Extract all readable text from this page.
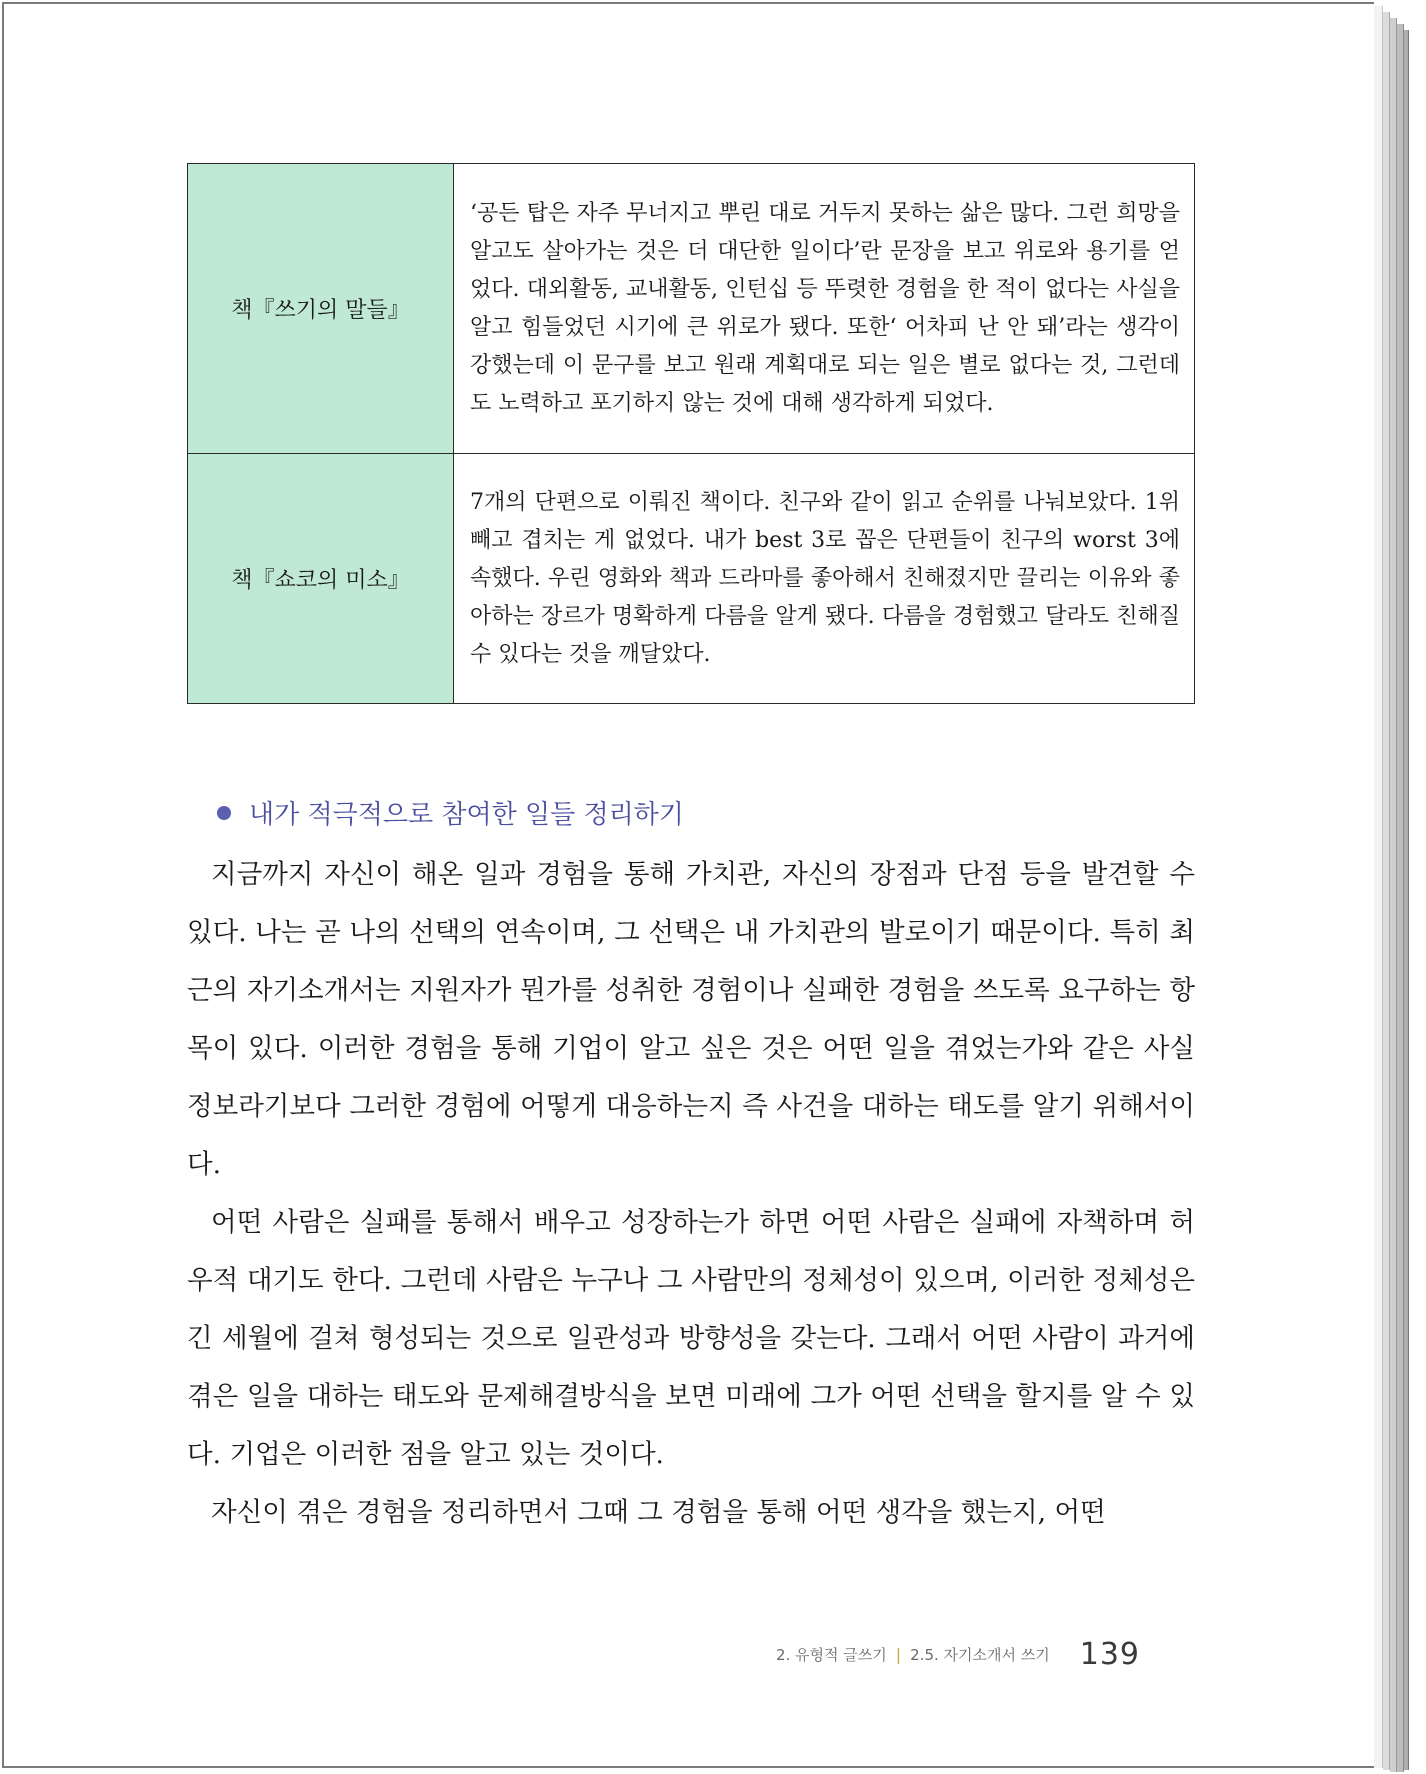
책『쓰기의 말들』	‘공든 탑은 자주 무너지고 뿌린 대로 거두지 못하는 삶은 많다. 그런 희망을 알고도 살아가는 것은 더 대단한 일이다’란 문장을 보고 위로와 용기를 얻었다. 대외활동, 교내활동, 인턴십 등 뚜렷한 경험을 한 적이 없다는 사실을 알고 힘들었던 시기에 큰 위로가 됐다. 또한‘ 어차피 난 안 돼’라는 생각이 강했는데 이 문구를 보고 원래 계획대로 되는 일은 별로 없다는 것, 그런데도 노력하고 포기하지 않는 것에 대해 생각하게 되었다.
책『쇼코의 미소』	7개의 단편으로 이뤄진 책이다. 친구와 같이 읽고 순위를 나눠보았다. 1위 빼고 겹치는 게 없었다. 내가 best 3로 꼽은 단편들이 친구의 worst 3에 속했다. 우린 영화와 책과 드라마를 좋아해서 친해졌지만 끌리는 이유와 좋아하는 장르가 명확하게 다름을 알게 됐다. 다름을 경험했고 달라도 친해질 수 있다는 것을 깨달았다.
내가 적극적으로 참여한 일들 정리하기

지금까지 자신이 해온 일과 경험을 통해 가치관, 자신의 장점과 단점 등을 발견할 수 있다. 나는 곧 나의 선택의 연속이며, 그 선택은 내 가치관의 발로이기 때문이다. 특히 최근의 자기소개서는 지원자가 뭔가를 성취한 경험이나 실패한 경험을 쓰도록 요구하는 항목이 있다. 이러한 경험을 통해 기업이 알고 싶은 것은 어떤 일을 겪었는가와 같은 사실 정보라기보다 그러한 경험에 어떻게 대응하는지 즉 사건을 대하는 태도를 알기 위해서이다.

어떤 사람은 실패를 통해서 배우고 성장하는가 하면 어떤 사람은 실패에 자책하며 허우적 대기도 한다. 그런데 사람은 누구나 그 사람만의 정체성이 있으며, 이러한 정체성은 긴 세월에 걸쳐 형성되는 것으로 일관성과 방향성을 갖는다. 그래서 어떤 사람이 과거에 겪은 일을 대하는 태도와 문제해결방식을 보면 미래에 그가 어떤 선택을 할지를 알 수 있다. 기업은 이러한 점을 알고 있는 것이다.

자신이 겪은 경험을 정리하면서 그때 그 경험을 통해 어떤 생각을 했는지, 어떤

2. 유형적 글쓰기 | 2.5. 자기소개서 쓰기 139
